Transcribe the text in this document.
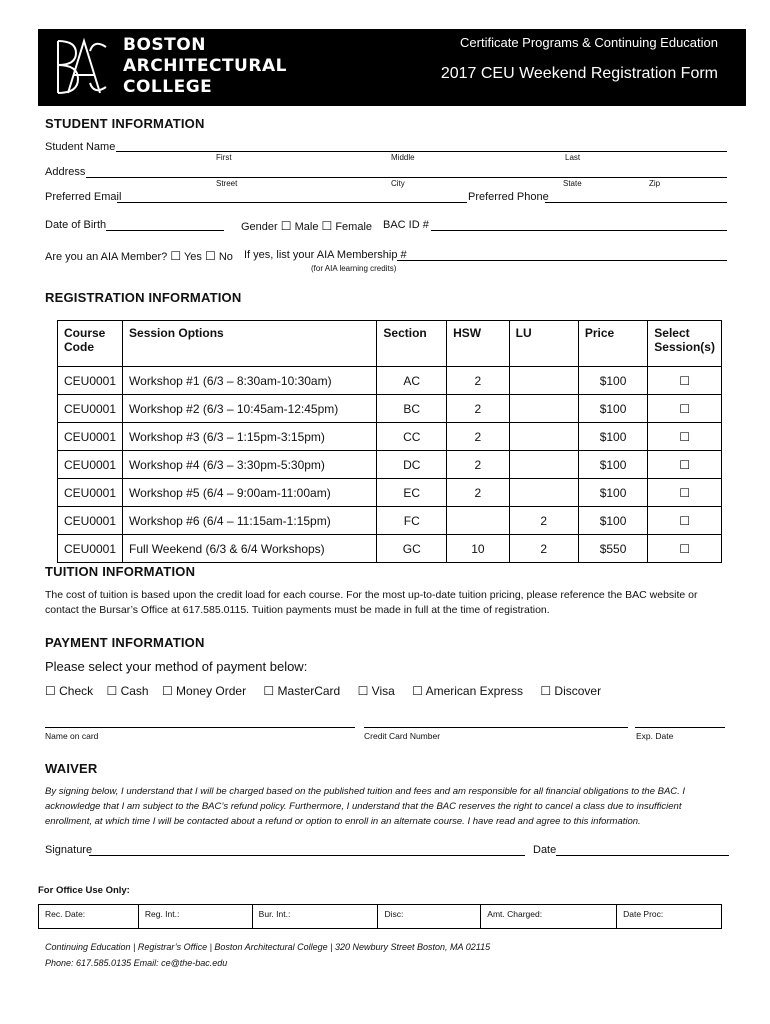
BOSTON
ARCHITECTURAL
COLLEGE
Certificate Programs & Continuing Education
2017 CEU Weekend Registration Form
STUDENT INFORMATION
Student Name
First	Middle	Last
Address
Street	City	State	Zip
Preferred Email	Preferred Phone
Date of Birth	Gender ☐ Male ☐ Female BAC ID #
Are you an AIA Member? ☐ Yes ☐ No If yes, list your AIA Membership #
(for AIA learning credits)
REGISTRATION INFORMATION
Course Code	Session Options	Section	HSW	LU	Price	Select Session(s)
CEU0001	Workshop #1 (6/3 – 8:30am-10:30am)	AC	2		$100	☐
CEU0001	Workshop #2 (6/3 – 10:45am-12:45pm)	BC	2		$100	☐
CEU0001	Workshop #3 (6/3 – 1:15pm-3:15pm)	CC	2		$100	☐
CEU0001	Workshop #4 (6/3 – 3:30pm-5:30pm)	DC	2		$100	☐
CEU0001	Workshop #5 (6/4 – 9:00am-11:00am)	EC	2		$100	☐
CEU0001	Workshop #6 (6/4 – 11:15am-1:15pm)	FC		2	$100	☐
CEU0001	Full Weekend (6/3 & 6/4 Workshops)	GC	10	2	$550	☐
TUITION INFORMATION
The cost of tuition is based upon the credit load for each course. For the most up-to-date tuition pricing, please reference the BAC website or contact the Bursar’s Office at 617.585.0115. Tuition payments must be made in full at the time of registration.
PAYMENT INFORMATION
Please select your method of payment below:
☐ Check ☐ Cash ☐ Money Order ☐ MasterCard ☐ Visa ☐ American Express ☐ Discover
Name on card	Credit Card Number	Exp. Date
WAIVER
By signing below, I understand that I will be charged based on the published tuition and fees and am responsible for all financial obligations to the BAC. I acknowledge that I am subject to the BAC’s refund policy. Furthermore, I understand that the BAC reserves the right to cancel a class due to insufficient enrollment, at which time I will be contacted about a refund or option to enroll in an alternate course. I have read and agree to this information.
Signature	Date
For Office Use Only:
Rec. Date:	Reg. Int.:	Bur. Int.:	Disc:	Amt. Charged:	Date Proc:
Continuing Education | Registrar’s Office | Boston Architectural College | 320 Newbury Street Boston, MA 02115
Phone: 617.585.0135 Email: ce@the-bac.edu
